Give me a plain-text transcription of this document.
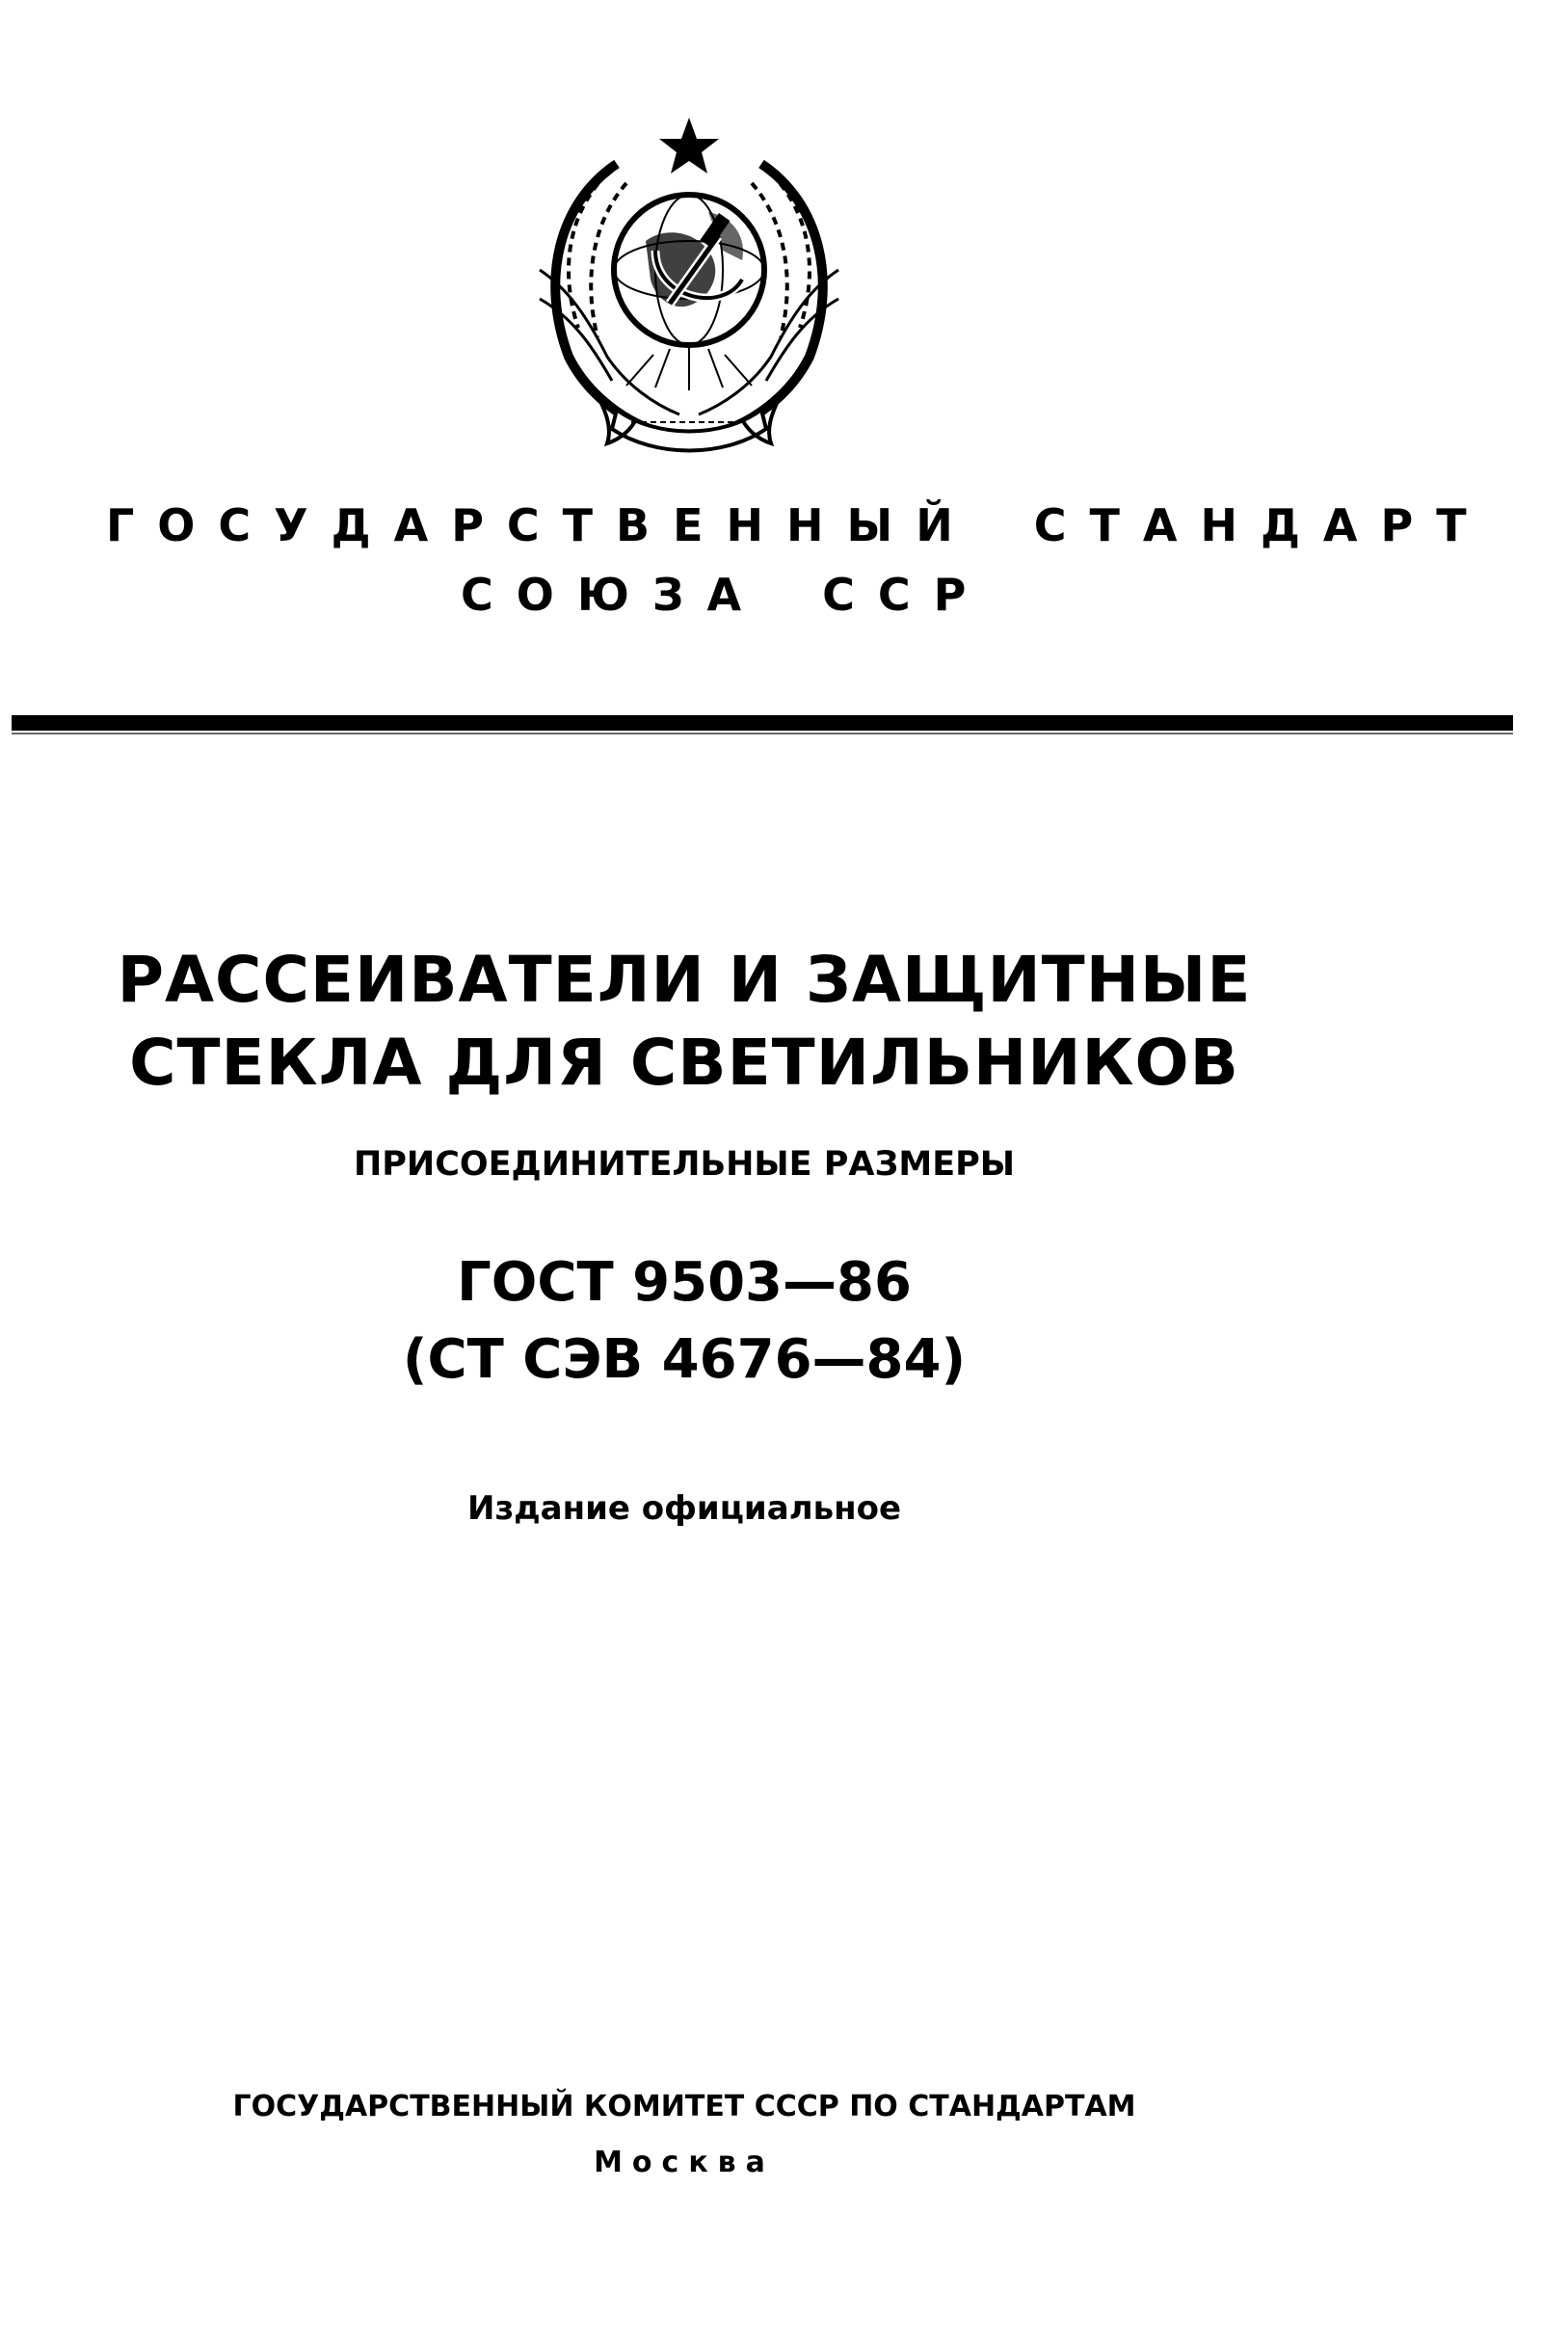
ГОСУДАРСТВЕННЫЙ СТАНДАРТ
СОЮЗА ССР
РАССЕИВАТЕЛИ И ЗАЩИТНЫЕ
СТЕКЛА ДЛЯ СВЕТИЛЬНИКОВ
ПРИСОЕДИНИТЕЛЬНЫЕ РАЗМЕРЫ
ГОСТ 9503—86
(СТ СЭВ 4676—84)
Издание официальное
ГОСУДАРСТВЕННЫЙ КОМИТЕТ СССР ПО СТАНДАРТАМ
Москва
